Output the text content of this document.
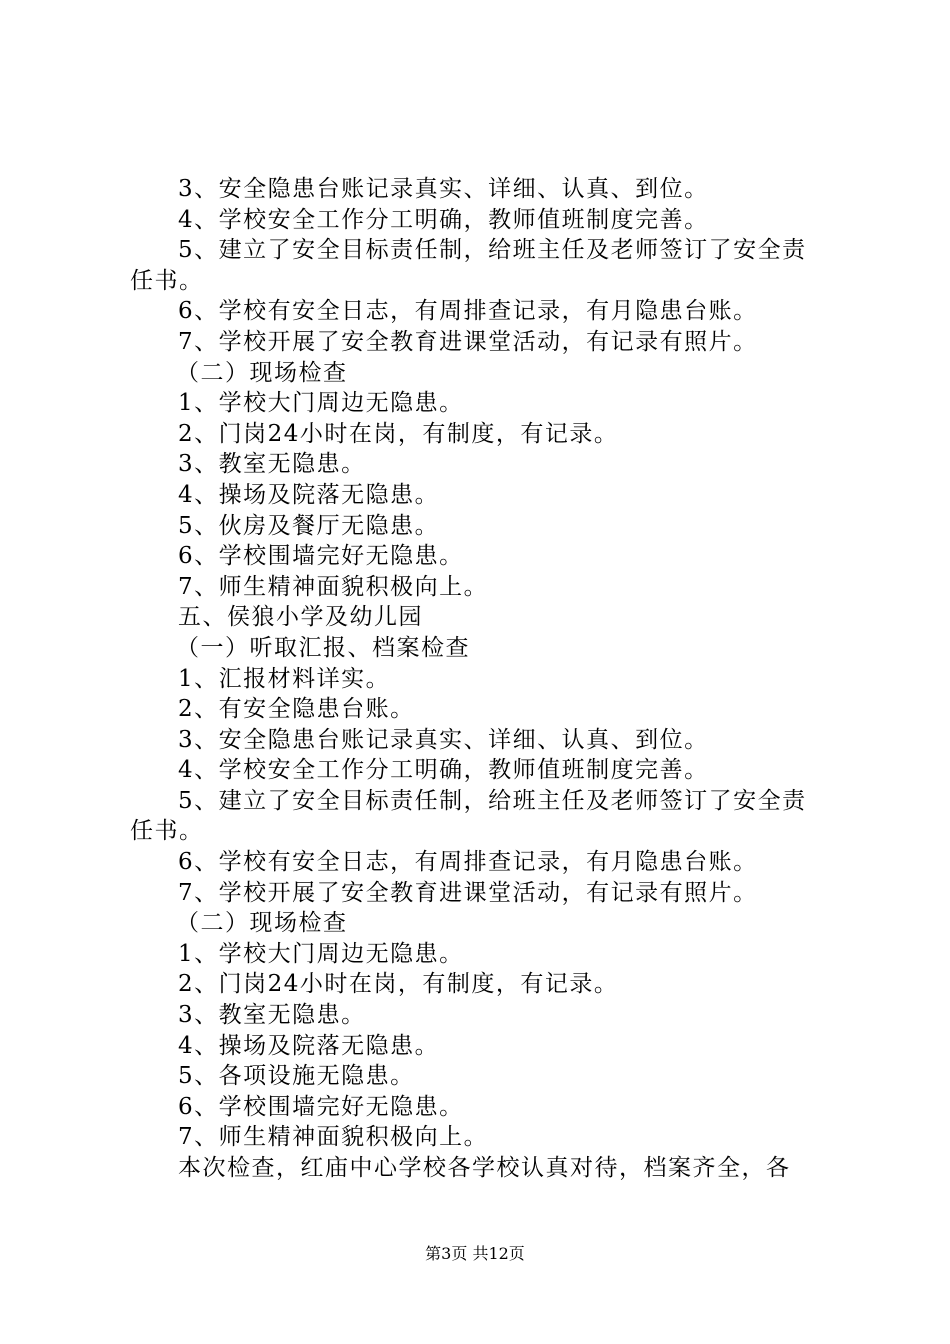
3、安全隐患台账记录真实、详细、认真、到位。
4、学校安全工作分工明确，教师值班制度完善。
5、建立了安全目标责任制，给班主任及老师签订了安全责
任书。
6、学校有安全日志，有周排查记录，有月隐患台账。
7、学校开展了安全教育进课堂活动，有记录有照片。
（二）现场检查
1、学校大门周边无隐患。
2、门岗24小时在岗，有制度，有记录。
3、教室无隐患。
4、操场及院落无隐患。
5、伙房及餐厅无隐患。
6、学校围墙完好无隐患。
7、师生精神面貌积极向上。
五、侯狼小学及幼儿园
（一）听取汇报、档案检查
1、汇报材料详实。
2、有安全隐患台账。
3、安全隐患台账记录真实、详细、认真、到位。
4、学校安全工作分工明确，教师值班制度完善。
5、建立了安全目标责任制，给班主任及老师签订了安全责
任书。
6、学校有安全日志，有周排查记录，有月隐患台账。
7、学校开展了安全教育进课堂活动，有记录有照片。
（二）现场检查
1、学校大门周边无隐患。
2、门岗24小时在岗，有制度，有记录。
3、教室无隐患。
4、操场及院落无隐患。
5、各项设施无隐患。
6、学校围墙完好无隐患。
7、师生精神面貌积极向上。
本次检查，红庙中心学校各学校认真对待，档案齐全，各
第3页 共12页
